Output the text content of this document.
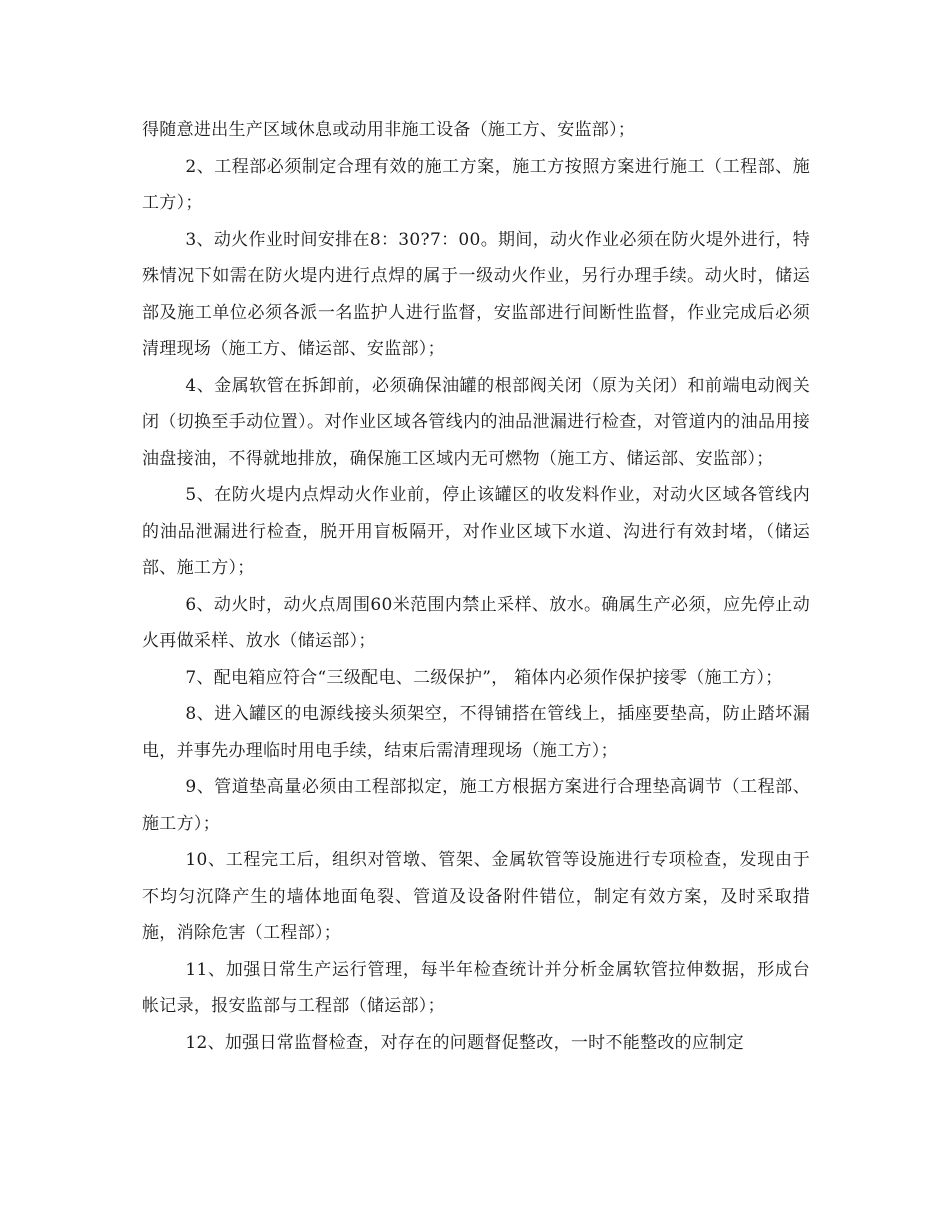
得随意进出生产区域休息或动用非施工设备（施工方、安监部）；

2、工程部必须制定合理有效的施工方案，施工方按照方案进行施工（工程部、施工方）；

3、动火作业时间安排在8：30?7：00。期间，动火作业必须在防火堤外进行，特殊情况下如需在防火堤内进行点焊的属于一级动火作业，另行办理手续。动火时，储运部及施工单位必须各派一名监护人进行监督，安监部进行间断性监督，作业完成后必须清理现场（施工方、储运部、安监部）；

4、金属软管在拆卸前，必须确保油罐的根部阀关闭（原为关闭）和前端电动阀关闭（切换至手动位置）。对作业区域各管线内的油品泄漏进行检查，对管道内的油品用接油盘接油，不得就地排放，确保施工区域内无可燃物（施工方、储运部、安监部）；

5、在防火堤内点焊动火作业前，停止该罐区的收发料作业，对动火区域各管线内的油品泄漏进行检查，脱开用盲板隔开，对作业区域下水道、沟进行有效封堵，（储运部、施工方）；

6、动火时，动火点周围60米范围内禁止采样、放水。确属生产必须，应先停止动火再做采样、放水（储运部）；

7、配电箱应符合“三级配电、二级保护”， 箱体内必须作保护接零（施工方）；

8、进入罐区的电源线接头须架空，不得铺搭在管线上，插座要垫高，防止踏坏漏电，并事先办理临时用电手续，结束后需清理现场（施工方）；

9、管道垫高量必须由工程部拟定，施工方根据方案进行合理垫高调节（工程部、施工方）；

10、工程完工后，组织对管墩、管架、金属软管等设施进行专项检查，发现由于不均匀沉降产生的墙体地面龟裂、管道及设备附件错位，制定有效方案，及时采取措施，消除危害（工程部）；

11、加强日常生产运行管理，每半年检查统计并分析金属软管拉伸数据，形成台帐记录，报安监部与工程部（储运部）；

12、加强日常监督检查，对存在的问题督促整改，一时不能整改的应制定
